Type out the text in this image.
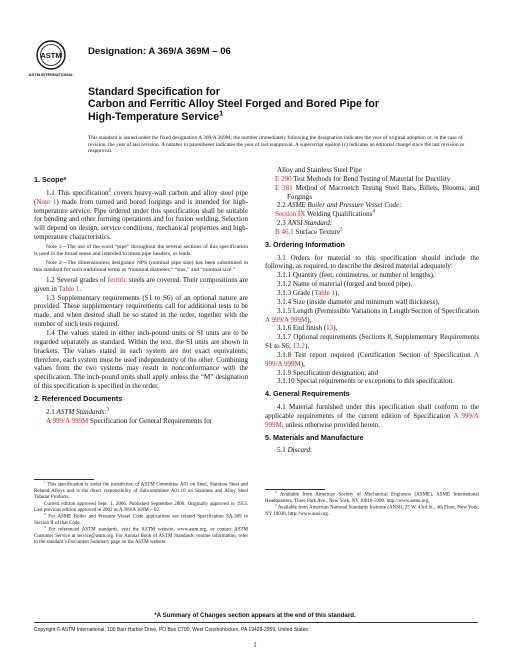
ASTM
ASTM INTERNATIONAL
Designation: A 369/A 369M – 06
Standard Specification for
Carbon and Ferritic Alloy Steel Forged and Bored Pipe for
High-Temperature Service$^1$
This standard is issued under the fixed designation A 369/A 369M; the number immediately following the designation indicates the year of original adoption or, in the case of revision, the year of last revision. A number in parentheses indicates the year of last reapproval. A superscript epsilon (ε) indicates an editorial change since the last revision or reapproval.

1. Scope*

1.1 This specification$^2$ covers heavy-wall carbon and alloy steel pipe (Note 1) made from turned and bored forgings and is intended for high-temperature service. Pipe ordered under this specification shall be suitable for bending and other forming operations and for fusion welding. Selection will depend on design, service conditions, mechanical properties and high-temperature characteristics.

Note 1—The use of the word “pipe” throughout the several sections of this specification is used in the broad sense and intended to mean pipe headers, or leads.

Note 2—The dimensionless designator NPS (nominal pipe size) has been substituted in this standard for such traditional terms as “nominal diameter,” “size,” and “nominal size.”

1.2 Several grades of ferritic steels are covered. Their compositions are given in Table 1.

1.3 Supplementary requirements (S1 to S6) of an optional nature are provided. These supplementary requirements call for additional tests to be made, and when desired shall be so stated in the order, together with the number of such tests required.

1.4 The values stated in either inch-pound units or SI units are to be regarded separately as standard. Within the text, the SI units are shown in brackets. The values stated in each system are not exact equivalents; therefore, each system must be used independently of the other. Combining values from the two systems may result in nonconformance with the specification. The inch-pound units shall apply unless the “M” designation of this specification is specified in the order.

2. Referenced Documents

2.1 ASTM Standards:$^3$

A 999/A 999M Specification for General Requirements for

$^1$ This specification is under the jurisdiction of ASTM Committee A01 on Steel, Stainless Steel and Related Alloys and is the direct responsibility of Subcommittee A01.10 on Stainless and Alloy Steel Tubular Products.

Current edition approved Sept. 1, 2006. Published September 2006. Originally approved in 1953. Last previous edition approved in 2002 as A 369/A 369M – 02.

$^2$ For ASME Boiler and Pressure Vessel Code applications see related Specification SA-369 in Section II of that Code.

$^3$ For referenced ASTM standards, visit the ASTM website, www.astm.org, or contact ASTM Customer Service at service@astm.org. For Annual Book of ASTM Standards volume information, refer to the standard’s Document Summary page on the ASTM website.

Alloy and Stainless Steel Pipe

E 290 Test Methods for Bend Testing of Material for Ductility

E 381 Method of Macroetch Testing Steel Bars, Billets, Blooms, and Forgings

2.2 ASME Boiler and Pressure Vessel Code:

Section IX Welding Qualifications$^4$

2.3 ANSI Standard:

B 46.1 Surface Texture$^5$

3. Ordering Information

3.1 Orders for material to this specification should include the following, as required, to describe the desired material adequately:

3.1.1 Quantity (feet, centimetres, or number of lengths),

3.1.2 Name of material (forged and bored pipe),

3.1.3 Grade (Table 1),

3.1.4 Size (inside diameter and minimum wall thickness),

3.1.5 Length (Permissible Variations in Length Section of Specification A 999/A 999M),

3.1.6 End finish (13),

3.1.7 Optional requirements (Sections 8, Supplementary Requirements S1 to S6; 13.2),

3.1.8 Test report required (Certification Section of Specification A 999/A 999M),

3.1.9 Specification designation, and

3.1.10 Special requirements or exceptions to this specification.

4. General Requirements

4.1 Material furnished under this specification shall conform to the applicable requirements of the current edition of Specification A 999/A 999M, unless otherwise provided herein.

5. Materials and Manufacture

5.1 Discard:

$^4$ Available from American Society of Mechanical Engineers (ASME), ASME International Headquarters, Three Park Ave., New York, NY 10016-5990, http://www.asme.org.

$^5$ Available from American National Standards Institute (ANSI), 25 W. 43rd St., 4th Floor, New York, NY 10036, http://www.ansi.org.

*A Summary of Changes section appears at the end of this standard.
Copyright © ASTM International, 100 Barr Harbor Drive, PO Box C700, West Conshohocken, PA 19428-2959, United States.
1
